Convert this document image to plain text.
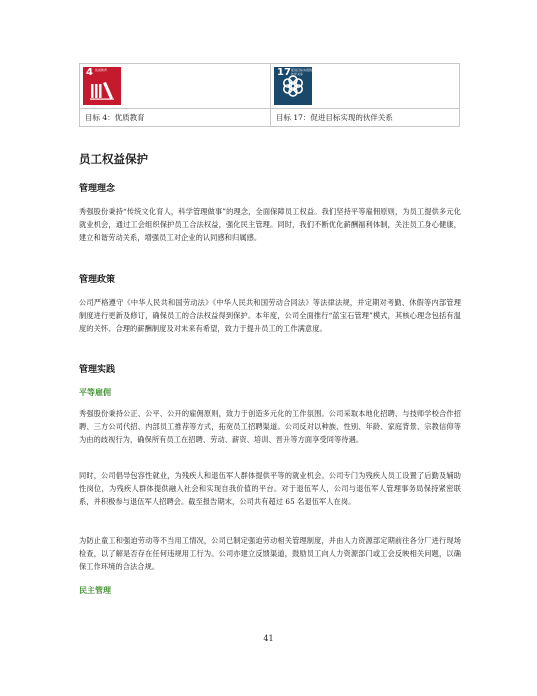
4 优质教育
目标 4：优质教育
17 促进目标实现的伙伴关系
目标 17：促进目标实现的伙伴关系
员工权益保护
管理理念
秀强股份秉持“传统文化育人，科学管理做事”的理念，全面保障员工权益。我们坚持平等雇佣原则，为员工提供多元化就业机会，通过工会组织保护员工合法权益，强化民主管理。同时，我们不断优化薪酬福利体制，关注员工身心健康，建立和谐劳动关系，增强员工对企业的认同感和归属感。
管理政策
公司严格遵守《中华人民共和国劳动法》《中华人民共和国劳动合同法》等法律法规，并定期对考勤、休假等内部管理制度进行更新及修订，确保员工的合法权益得到保护。本年度，公司全面推行“蓝宝石管理”模式，其核心理念包括有温度的关怀、合理的薪酬制度及对未来有希望，致力于提升员工的工作满意度。
管理实践
平等雇佣
秀强股份秉持公正、公平、公开的雇佣原则，致力于创造多元化的工作氛围。公司采取本地化招聘、与技师学校合作招聘、三方公司代招、内部员工推荐等方式，拓宽员工招聘渠道。公司反对以种族、性别、年龄、家庭背景、宗教信仰等为由的歧视行为，确保所有员工在招聘、劳动、薪资、培训、晋升等方面享受同等待遇。
同时，公司倡导包容性就业，为残疾人和退伍军人群体提供平等的就业机会。公司专门为残疾人员工设置了后勤及辅助性岗位，为残疾人群体提供融入社会和实现自我价值的平台。对于退伍军人，公司与退伍军人管理事务局保持紧密联系，并积极参与退伍军人招聘会。截至报告期末，公司共有超过 65 名退伍军人在岗。
为防止童工和强迫劳动等不当用工情况，公司已制定强迫劳动相关管理制度，并由人力资源部定期前往各分厂进行现场检查，以了解是否存在任何违规用工行为。公司亦建立反馈渠道，鼓励员工向人力资源部门或工会反映相关问题，以确保工作环境的合法合规。
民主管理
41
